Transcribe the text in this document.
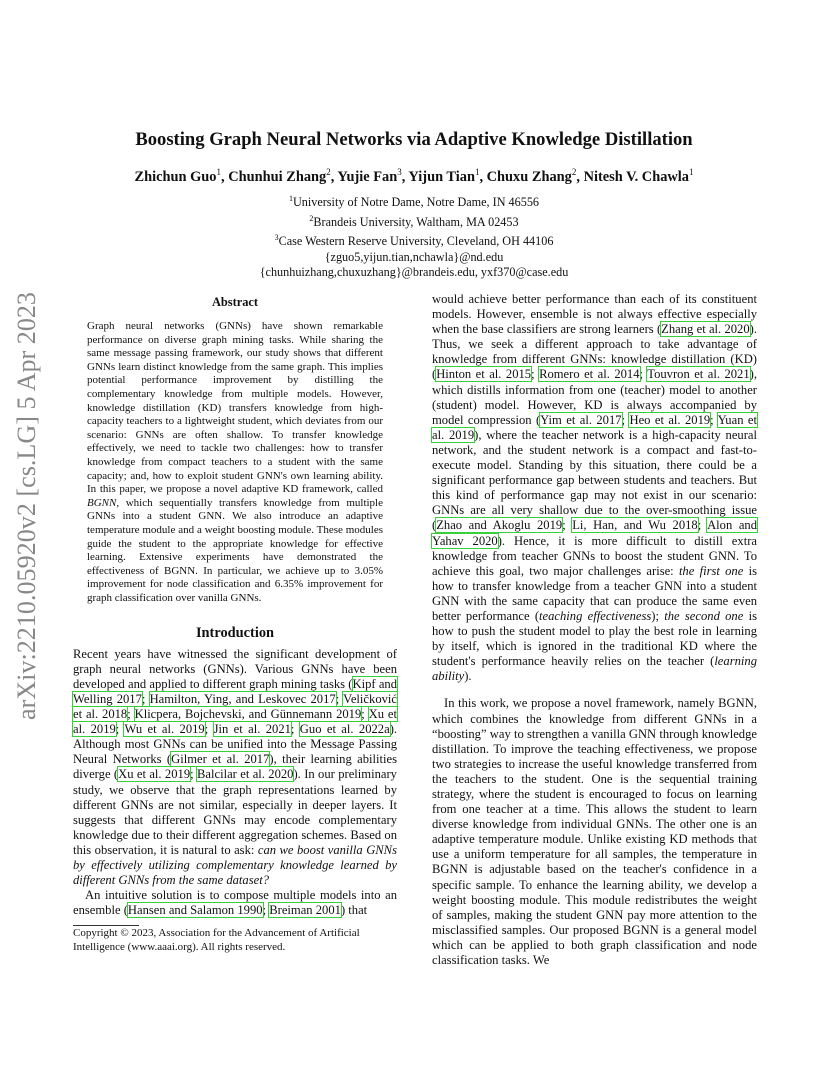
arXiv:2210.05920v2 [cs.LG] 5 Apr 2023
Boosting Graph Neural Networks via Adaptive Knowledge Distillation
Zhichun Guo$^1$, Chunhui Zhang$^2$, Yujie Fan$^3$, Yijun Tian$^1$, Chuxu Zhang$^2$, Nitesh V. Chawla$^1$
$^1$University of Notre Dame, Notre Dame, IN 46556
$^2$Brandeis University, Waltham, MA 02453
$^3$Case Western Reserve University, Cleveland, OH 44106
{zguo5,yijun.tian,nchawla}@nd.edu
{chunhuizhang,chuxuzhang}@brandeis.edu, yxf370@case.edu
Abstract

Graph neural networks (GNNs) have shown remarkable performance on diverse graph mining tasks. While sharing the same message passing framework, our study shows that different GNNs learn distinct knowledge from the same graph. This implies potential performance improvement by distilling the complementary knowledge from multiple models. However, knowledge distillation (KD) transfers knowledge from high-capacity teachers to a lightweight student, which deviates from our scenario: GNNs are often shallow. To transfer knowledge effectively, we need to tackle two challenges: how to transfer knowledge from compact teachers to a student with the same capacity; and, how to exploit student GNN's own learning ability. In this paper, we propose a novel adaptive KD framework, called BGNN, which sequentially transfers knowledge from multiple GNNs into a student GNN. We also introduce an adaptive temperature module and a weight boosting module. These modules guide the student to the appropriate knowledge for effective learning. Extensive experiments have demonstrated the effectiveness of BGNN. In particular, we achieve up to 3.05% improvement for node classification and 6.35% improvement for graph classification over vanilla GNNs.

Introduction

Recent years have witnessed the significant development of graph neural networks (GNNs). Various GNNs have been developed and applied to different graph mining tasks (Kipf and Welling 2017; Hamilton, Ying, and Leskovec 2017; Veličković et al. 2018; Klicpera, Bojchevski, and Günnemann 2019; Xu et al. 2019; Wu et al. 2019; Jin et al. 2021; Guo et al. 2022a). Although most GNNs can be unified into the Message Passing Neural Networks (Gilmer et al. 2017), their learning abilities diverge (Xu et al. 2019; Balcilar et al. 2020). In our preliminary study, we observe that the graph representations learned by different GNNs are not similar, especially in deeper layers. It suggests that different GNNs may encode complementary knowledge due to their different aggregation schemes. Based on this observation, it is natural to ask: can we boost vanilla GNNs by effectively utilizing complementary knowledge learned by different GNNs from the same dataset?

An intuitive solution is to compose multiple models into an ensemble (Hansen and Salamon 1990; Breiman 2001) that

Copyright © 2023, Association for the Advancement of Artificial Intelligence (www.aaai.org). All rights reserved.

would achieve better performance than each of its constituent models. However, ensemble is not always effective especially when the base classifiers are strong learners (Zhang et al. 2020). Thus, we seek a different approach to take advantage of knowledge from different GNNs: knowledge distillation (KD) (Hinton et al. 2015; Romero et al. 2014; Touvron et al. 2021), which distills information from one (teacher) model to another (student) model. However, KD is always accompanied by model compression (Yim et al. 2017; Heo et al. 2019; Yuan et al. 2019), where the teacher network is a high-capacity neural network, and the student network is a compact and fast-to-execute model. Standing by this situation, there could be a significant performance gap between students and teachers. But this kind of performance gap may not exist in our scenario: GNNs are all very shallow due to the over-smoothing issue (Zhao and Akoglu 2019; Li, Han, and Wu 2018; Alon and Yahav 2020). Hence, it is more difficult to distill extra knowledge from teacher GNNs to boost the student GNN. To achieve this goal, two major challenges arise: the first one is how to transfer knowledge from a teacher GNN into a student GNN with the same capacity that can produce the same even better performance (teaching effectiveness); the second one is how to push the student model to play the best role in learning by itself, which is ignored in the traditional KD where the student's performance heavily relies on the teacher (learning ability).

In this work, we propose a novel framework, namely BGNN, which combines the knowledge from different GNNs in a “boosting” way to strengthen a vanilla GNN through knowledge distillation. To improve the teaching effectiveness, we propose two strategies to increase the useful knowledge transferred from the teachers to the student. One is the sequential training strategy, where the student is encouraged to focus on learning from one teacher at a time. This allows the student to learn diverse knowledge from individual GNNs. The other one is an adaptive temperature module. Unlike existing KD methods that use a uniform temperature for all samples, the temperature in BGNN is adjustable based on the teacher's confidence in a specific sample. To enhance the learning ability, we develop a weight boosting module. This module redistributes the weight of samples, making the student GNN pay more attention to the misclassified samples. Our proposed BGNN is a general model which can be applied to both graph classification and node classification tasks. We
